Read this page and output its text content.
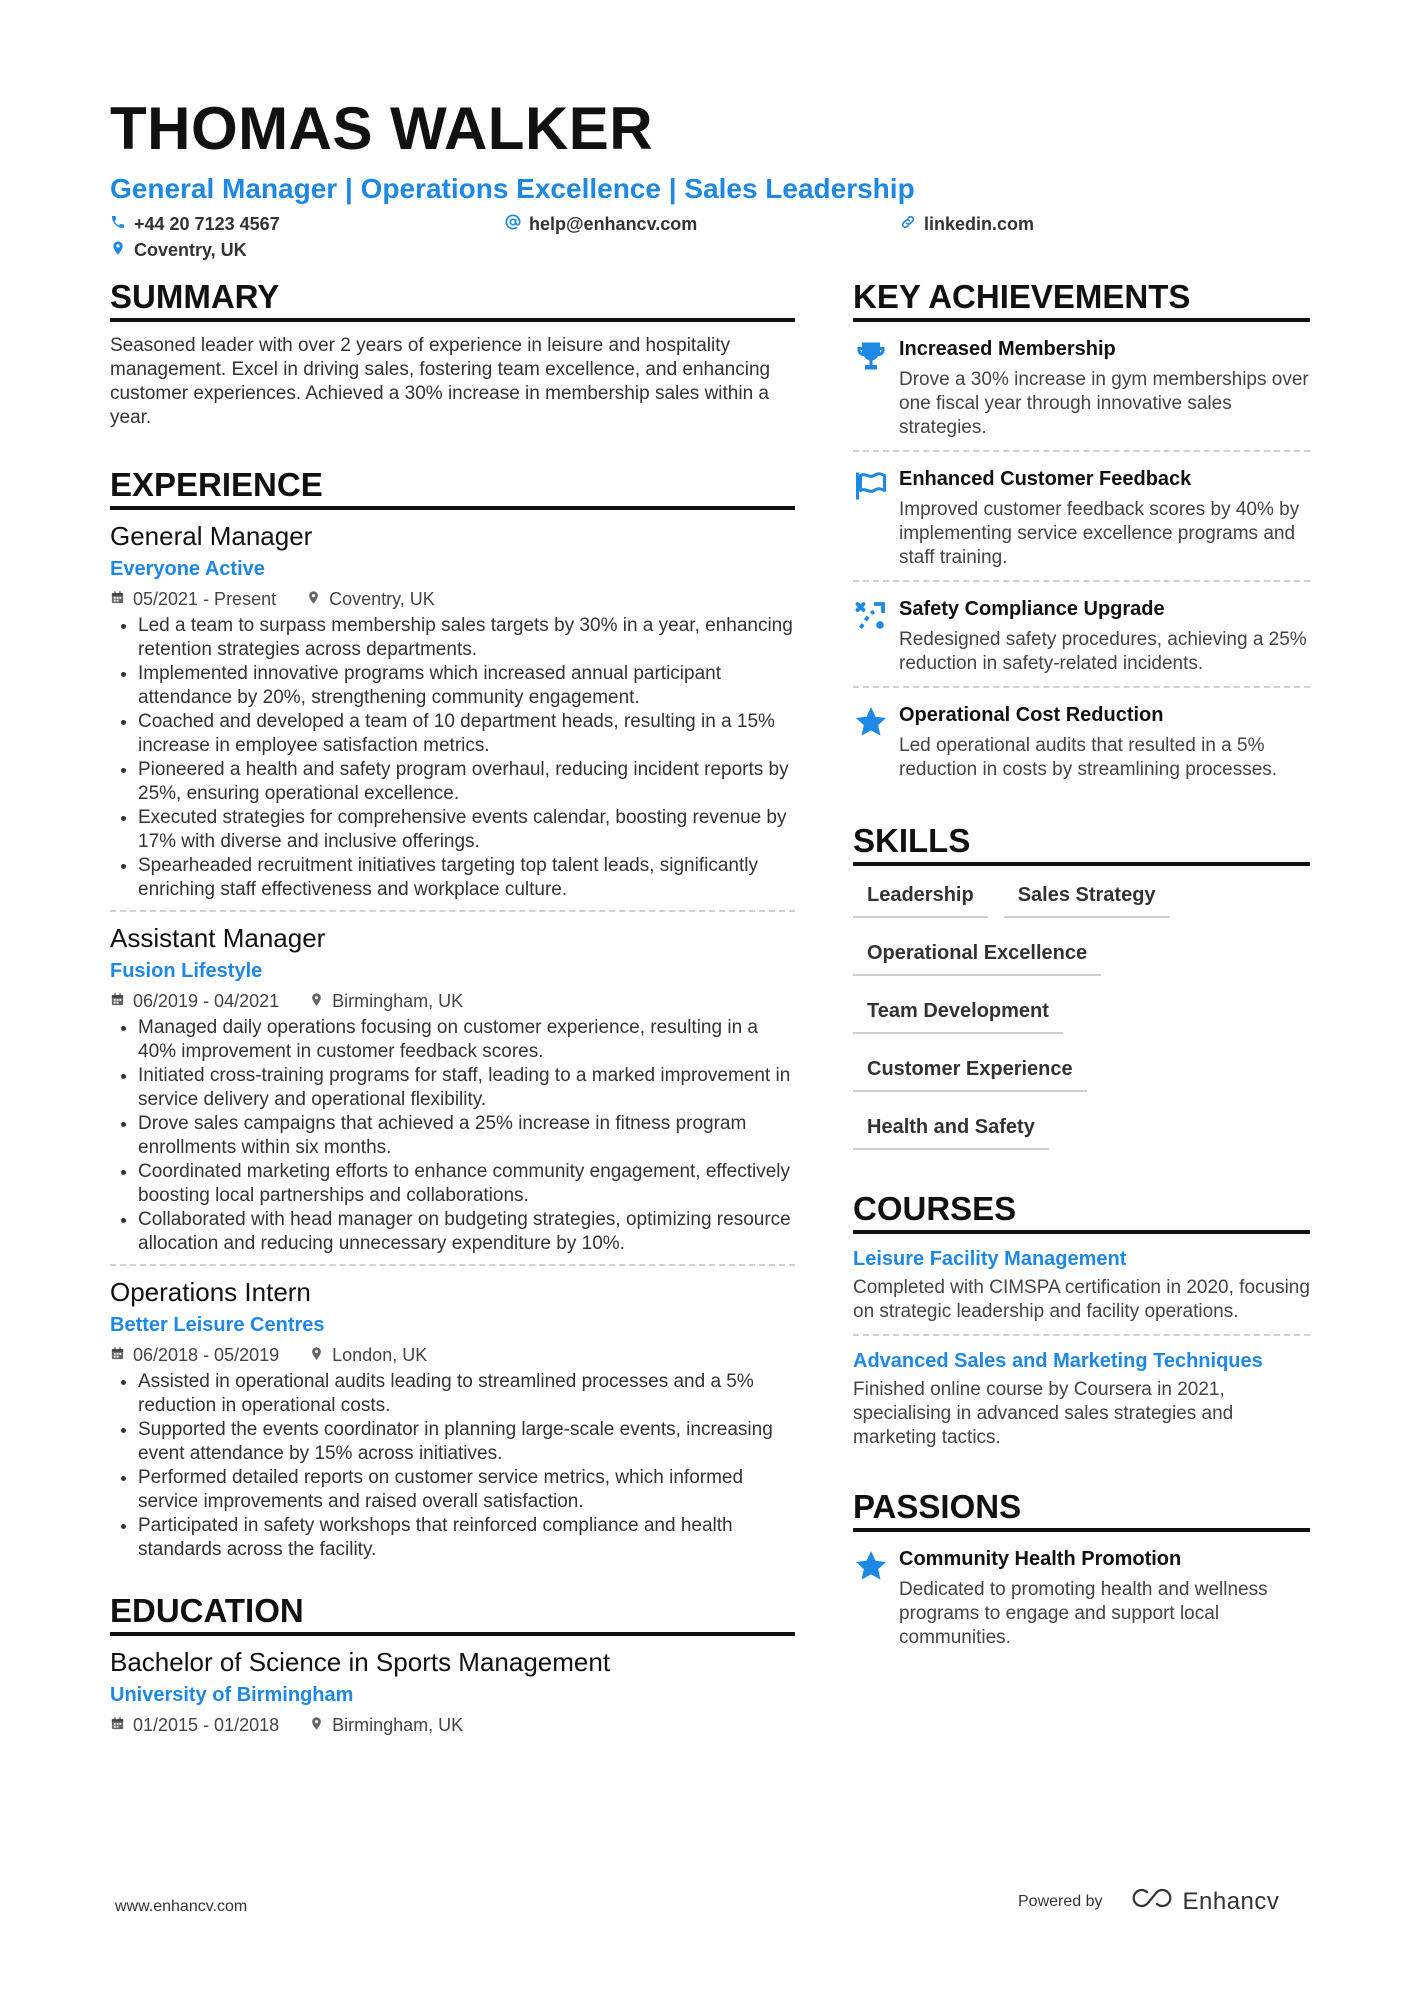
THOMAS WALKER
General Manager | Operations Excellence | Sales Leadership
+44 20 7123 4567	help@enhancv.com	linkedin.com
Coventry, UK
SUMMARY
Seasoned leader with over 2 years of experience in leisure and hospitality management. Excel in driving sales, fostering team excellence, and enhancing customer experiences. Achieved a 30% increase in membership sales within a year.
EXPERIENCE
General Manager
Everyone Active
05/2021 - Present	Coventry, UK
• Led a team to surpass membership sales targets by 30% in a year, enhancing retention strategies across departments.
• Implemented innovative programs which increased annual participant attendance by 20%, strengthening community engagement.
• Coached and developed a team of 10 department heads, resulting in a 15% increase in employee satisfaction metrics.
• Pioneered a health and safety program overhaul, reducing incident reports by 25%, ensuring operational excellence.
• Executed strategies for comprehensive events calendar, boosting revenue by 17% with diverse and inclusive offerings.
• Spearheaded recruitment initiatives targeting top talent leads, significantly enriching staff effectiveness and workplace culture.
Assistant Manager
Fusion Lifestyle
06/2019 - 04/2021	Birmingham, UK
• Managed daily operations focusing on customer experience, resulting in a 40% improvement in customer feedback scores.
• Initiated cross-training programs for staff, leading to a marked improvement in service delivery and operational flexibility.
• Drove sales campaigns that achieved a 25% increase in fitness program enrollments within six months.
• Coordinated marketing efforts to enhance community engagement, effectively boosting local partnerships and collaborations.
• Collaborated with head manager on budgeting strategies, optimizing resource allocation and reducing unnecessary expenditure by 10%.
Operations Intern
Better Leisure Centres
06/2018 - 05/2019	London, UK
• Assisted in operational audits leading to streamlined processes and a 5% reduction in operational costs.
• Supported the events coordinator in planning large-scale events, increasing event attendance by 15% across initiatives.
• Performed detailed reports on customer service metrics, which informed service improvements and raised overall satisfaction.
• Participated in safety workshops that reinforced compliance and health standards across the facility.
EDUCATION
Bachelor of Science in Sports Management
University of Birmingham
01/2015 - 01/2018	Birmingham, UK
KEY ACHIEVEMENTS
Increased Membership
Drove a 30% increase in gym memberships over one fiscal year through innovative sales strategies.
Enhanced Customer Feedback
Improved customer feedback scores by 40% by implementing service excellence programs and staff training.
Safety Compliance Upgrade
Redesigned safety procedures, achieving a 25% reduction in safety-related incidents.
Operational Cost Reduction
Led operational audits that resulted in a 5% reduction in costs by streamlining processes.
SKILLS
Leadership	Sales Strategy
Operational Excellence
Team Development
Customer Experience
Health and Safety
COURSES
Leisure Facility Management
Completed with CIMSPA certification in 2020, focusing on strategic leadership and facility operations.
Advanced Sales and Marketing Techniques
Finished online course by Coursera in 2021, specialising in advanced sales strategies and marketing tactics.
PASSIONS
Community Health Promotion
Dedicated to promoting health and wellness programs to engage and support local communities.
www.enhancv.com	Powered by	Enhancv
